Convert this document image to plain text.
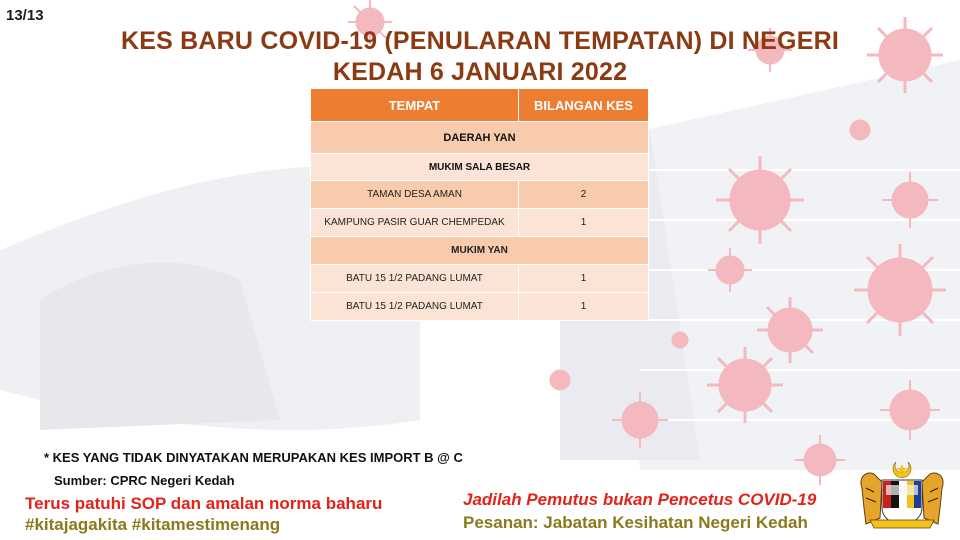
13/13
KES BARU COVID-19 (PENULARAN TEMPATAN) DI NEGERI
KEDAH 6 JANUARI 2022
TEMPAT	BILANGAN KES
DAERAH YAN	
MUKIM SALA BESAR	
TAMAN DESA AMAN	2
KAMPUNG PASIR GUAR CHEMPEDAK	1
MUKIM YAN	
BATU 15 1/2 PADANG LUMAT	1
BATU 15 1/2 PADANG LUMAT	1
* KES YANG TIDAK DINYATAKAN MERUPAKAN KES IMPORT B @ C
Sumber: CPRC Negeri Kedah
Terus patuhi SOP dan amalan norma baharu
#kitajagakita #kitamestimenang
Jadilah Pemutus bukan Pencetus COVID-19
Pesanan: Jabatan Kesihatan Negeri Kedah
